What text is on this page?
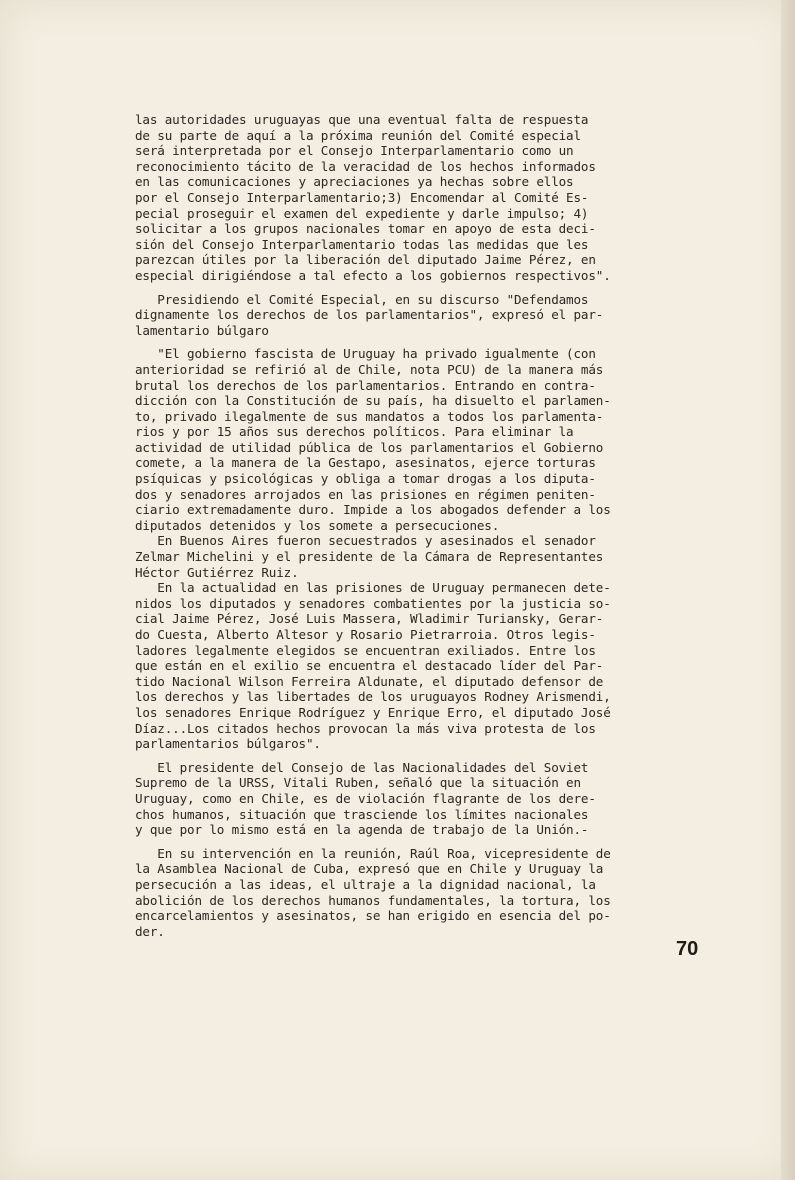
las autoridades uruguayas que una eventual falta de respuesta
de su parte de aquí a la próxima reunión del Comité especial
será interpretada por el Consejo Interparlamentario como un
reconocimiento tácito de la veracidad de los hechos informados
en las comunicaciones y apreciaciones ya hechas sobre ellos
por el Consejo Interparlamentario;3) Encomendar al Comité Es-
pecial proseguir el examen del expediente y darle impulso; 4)
solicitar a los grupos nacionales tomar en apoyo de esta deci-
sión del Consejo Interparlamentario todas las medidas que les
parezcan útiles por la liberación del diputado Jaime Pérez, en
especial dirigiéndose a tal efecto a los gobiernos respectivos".
Presidiendo el Comité Especial, en su discurso "Defendamos
dignamente los derechos de los parlamentarios", expresó el par-
lamentario búlgaro
"El gobierno fascista de Uruguay ha privado igualmente (con
anterioridad se refirió al de Chile, nota PCU) de la manera más
brutal los derechos de los parlamentarios. Entrando en contra-
dicción con la Constitución de su país, ha disuelto el parlamen-
to, privado ilegalmente de sus mandatos a todos los parlamenta-
rios y por 15 años sus derechos políticos. Para eliminar la
actividad de utilidad pública de los parlamentarios el Gobierno
comete, a la manera de la Gestapo, asesinatos, ejerce torturas
psíquicas y psicológicas y obliga a tomar drogas a los diputa-
dos y senadores arrojados en las prisiones en régimen peniten-
ciario extremadamente duro. Impide a los abogados defender a los
diputados detenidos y los somete a persecuciones.
En Buenos Aires fueron secuestrados y asesinados el senador
Zelmar Michelini y el presidente de la Cámara de Representantes
Héctor Gutiérrez Ruiz.
En la actualidad en las prisiones de Uruguay permanecen dete-
nidos los diputados y senadores combatientes por la justicia so-
cial Jaime Pérez, José Luis Massera, Wladimir Turiansky, Gerar-
do Cuesta, Alberto Altesor y Rosario Pietrarroia. Otros legis-
ladores legalmente elegidos se encuentran exiliados. Entre los
que están en el exilio se encuentra el destacado líder del Par-
tido Nacional Wilson Ferreira Aldunate, el diputado defensor de
los derechos y las libertades de los uruguayos Rodney Arismendi,
los senadores Enrique Rodríguez y Enrique Erro, el diputado José
Díaz...Los citados hechos provocan la más viva protesta de los
parlamentarios búlgaros".
El presidente del Consejo de las Nacionalidades del Soviet
Supremo de la URSS, Vitali Ruben, señaló que la situación en
Uruguay, como en Chile, es de violación flagrante de los dere-
chos humanos, situación que trasciende los límites nacionales
y que por lo mismo está en la agenda de trabajo de la Unión.-
En su intervención en la reunión, Raúl Roa, vicepresidente de
la Asamblea Nacional de Cuba, expresó que en Chile y Uruguay la
persecución a las ideas, el ultraje a la dignidad nacional, la
abolición de los derechos humanos fundamentales, la tortura, los
encarcelamientos y asesinatos, se han erigido en esencia del po-
der.
70
